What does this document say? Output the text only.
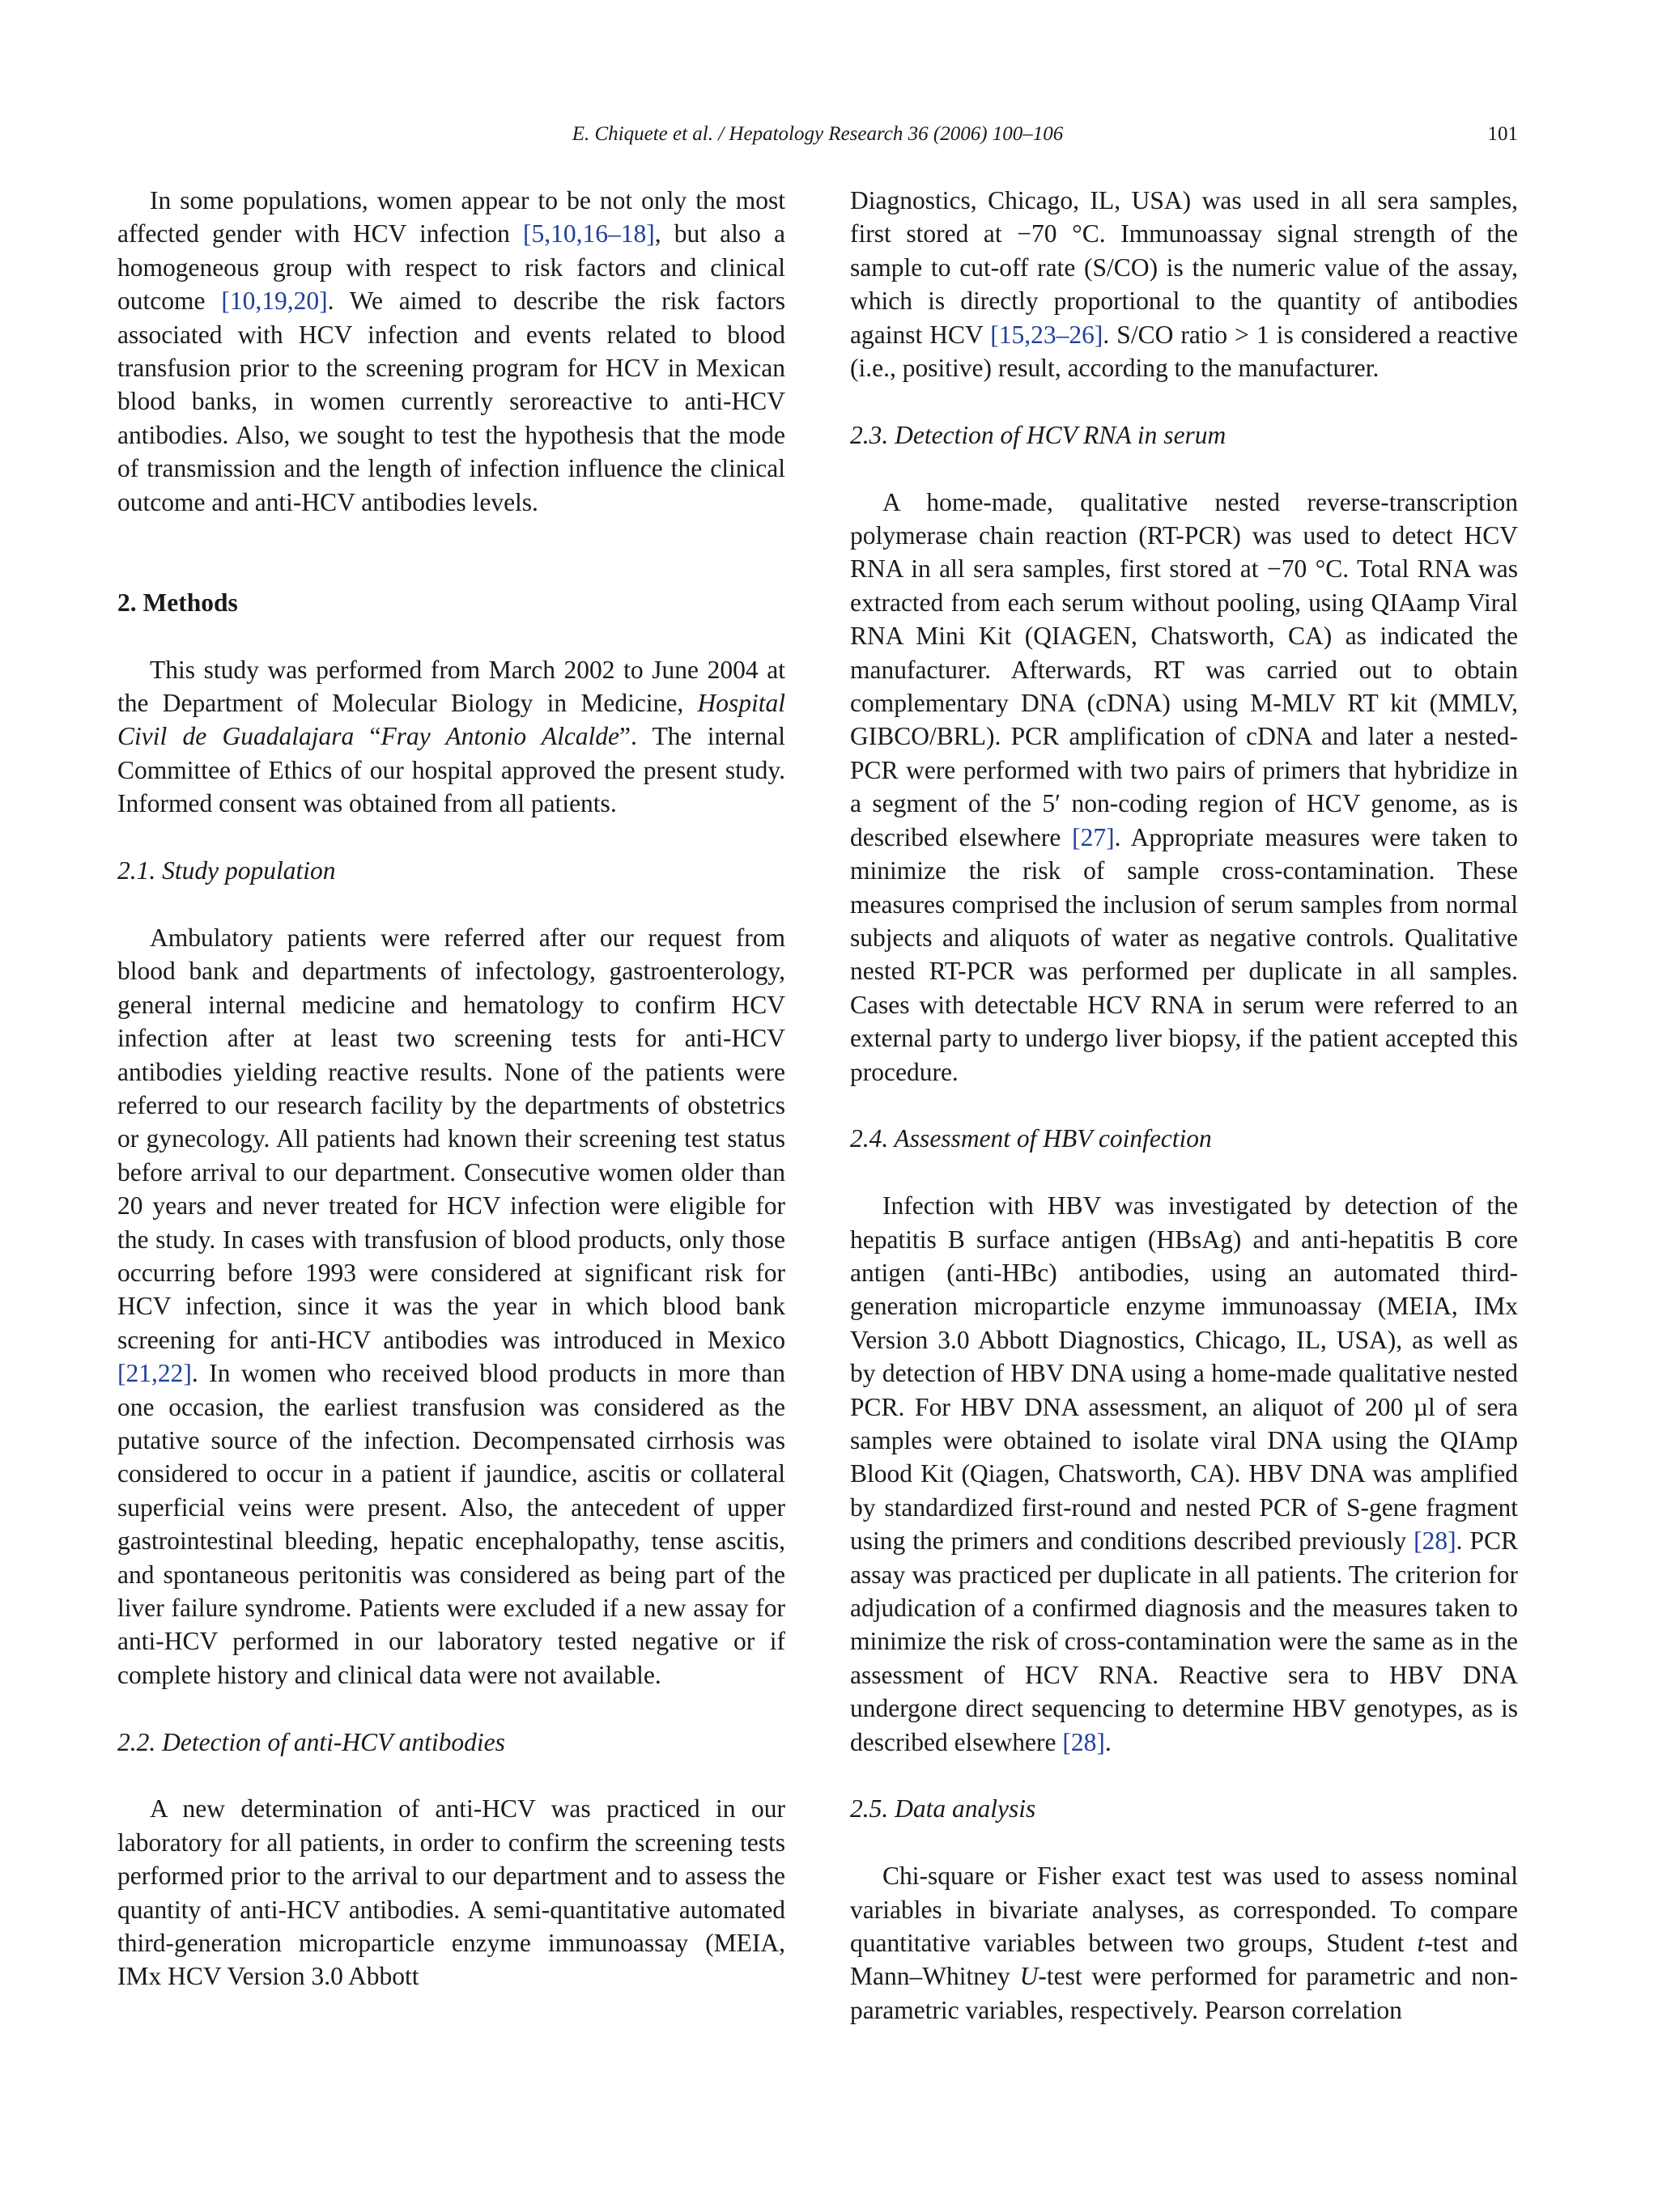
E. Chiquete et al. / Hepatology Research 36 (2006) 100–106	101

In some populations, women appear to be not only the most affected gender with HCV infection [5,10,16–18], but also a homogeneous group with respect to risk factors and clinical outcome [10,19,20]. We aimed to describe the risk factors associated with HCV infection and events related to blood transfusion prior to the screening program for HCV in Mexican blood banks, in women currently seroreactive to anti-HCV antibodies. Also, we sought to test the hypothesis that the mode of transmission and the length of infection influence the clinical outcome and anti-HCV antibodies levels.

2. Methods

This study was performed from March 2002 to June 2004 at the Department of Molecular Biology in Medicine, Hospital Civil de Guadalajara “Fray Antonio Alcalde”. The internal Committee of Ethics of our hospital approved the present study. Informed consent was obtained from all patients.

2.1. Study population

Ambulatory patients were referred after our request from blood bank and departments of infectology, gastroenterology, general internal medicine and hematology to confirm HCV infection after at least two screening tests for anti-HCV antibodies yielding reactive results. None of the patients were referred to our research facility by the departments of obstetrics or gynecology. All patients had known their screening test status before arrival to our department. Consecutive women older than 20 years and never treated for HCV infection were eligible for the study. In cases with transfusion of blood products, only those occurring before 1993 were considered at significant risk for HCV infection, since it was the year in which blood bank screening for anti-HCV antibodies was introduced in Mexico [21,22]. In women who received blood products in more than one occasion, the earliest transfusion was considered as the putative source of the infection. Decompensated cirrhosis was considered to occur in a patient if jaundice, ascitis or collateral superficial veins were present. Also, the antecedent of upper gastrointestinal bleeding, hepatic encephalopathy, tense ascitis, and spontaneous peritonitis was considered as being part of the liver failure syndrome. Patients were excluded if a new assay for anti-HCV performed in our laboratory tested negative or if complete history and clinical data were not available.

2.2. Detection of anti-HCV antibodies

A new determination of anti-HCV was practiced in our laboratory for all patients, in order to confirm the screening tests performed prior to the arrival to our department and to assess the quantity of anti-HCV antibodies. A semi-quantitative automated third-generation microparticle enzyme immunoassay (MEIA, IMx HCV Version 3.0 Abbott

Diagnostics, Chicago, IL, USA) was used in all sera samples, first stored at −70 °C. Immunoassay signal strength of the sample to cut-off rate (S/CO) is the numeric value of the assay, which is directly proportional to the quantity of antibodies against HCV [15,23–26]. S/CO ratio > 1 is considered a reactive (i.e., positive) result, according to the manufacturer.

2.3. Detection of HCV RNA in serum

A home-made, qualitative nested reverse-transcription polymerase chain reaction (RT-PCR) was used to detect HCV RNA in all sera samples, first stored at −70 °C. Total RNA was extracted from each serum without pooling, using QIAamp Viral RNA Mini Kit (QIAGEN, Chatsworth, CA) as indicated the manufacturer. Afterwards, RT was carried out to obtain complementary DNA (cDNA) using M-MLV RT kit (MMLV, GIBCO/BRL). PCR amplification of cDNA and later a nested-PCR were performed with two pairs of primers that hybridize in a segment of the 5′ non-coding region of HCV genome, as is described elsewhere [27]. Appropriate measures were taken to minimize the risk of sample cross-contamination. These measures comprised the inclusion of serum samples from normal subjects and aliquots of water as negative controls. Qualitative nested RT-PCR was performed per duplicate in all samples. Cases with detectable HCV RNA in serum were referred to an external party to undergo liver biopsy, if the patient accepted this procedure.

2.4. Assessment of HBV coinfection

Infection with HBV was investigated by detection of the hepatitis B surface antigen (HBsAg) and anti-hepatitis B core antigen (anti-HBc) antibodies, using an automated third-generation microparticle enzyme immunoassay (MEIA, IMx Version 3.0 Abbott Diagnostics, Chicago, IL, USA), as well as by detection of HBV DNA using a home-made qualitative nested PCR. For HBV DNA assessment, an aliquot of 200 µl of sera samples were obtained to isolate viral DNA using the QIAmp Blood Kit (Qiagen, Chatsworth, CA). HBV DNA was amplified by standardized first-round and nested PCR of S-gene fragment using the primers and conditions described previously [28]. PCR assay was practiced per duplicate in all patients. The criterion for adjudication of a confirmed diagnosis and the measures taken to minimize the risk of cross-contamination were the same as in the assessment of HCV RNA. Reactive sera to HBV DNA undergone direct sequencing to determine HBV genotypes, as is described elsewhere [28].

2.5. Data analysis

Chi-square or Fisher exact test was used to assess nominal variables in bivariate analyses, as corresponded. To compare quantitative variables between two groups, Student t-test and Mann–Whitney U-test were performed for parametric and non-parametric variables, respectively. Pearson correlation
